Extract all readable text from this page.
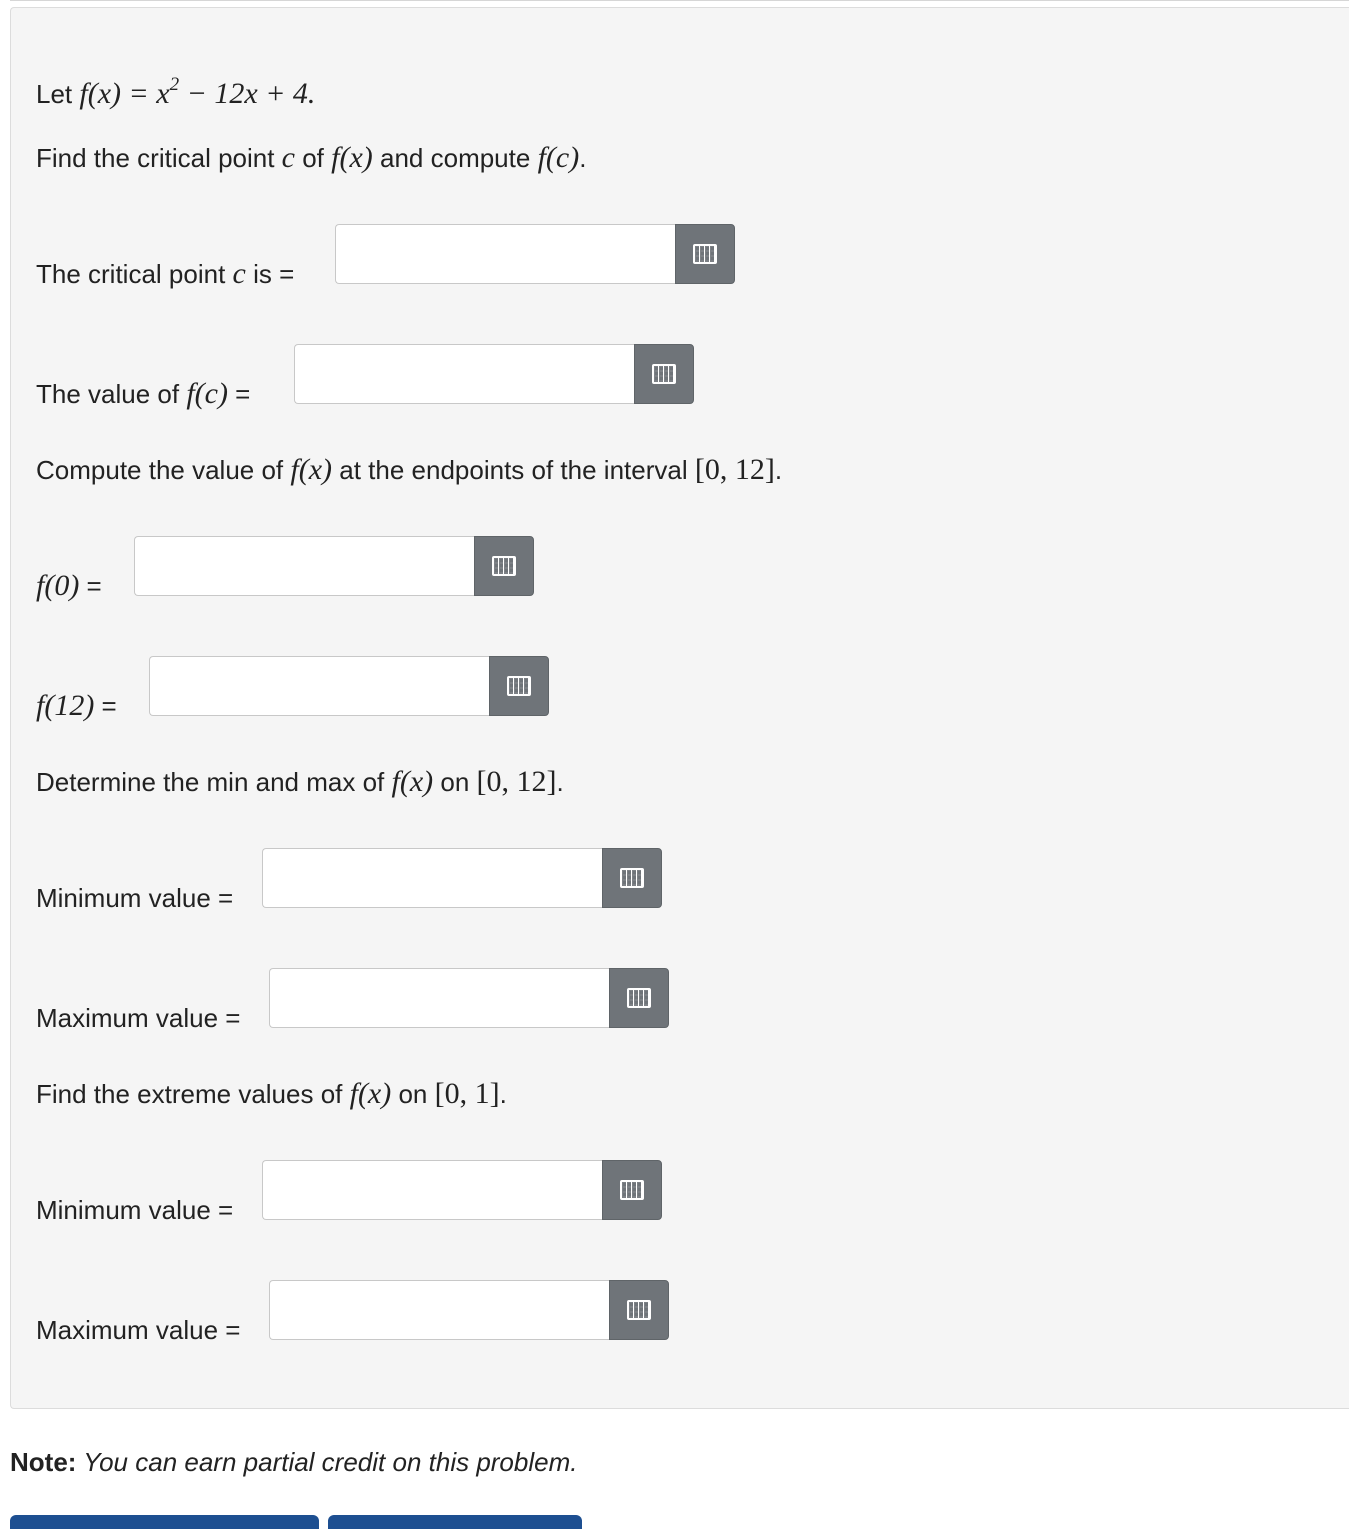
Let $f(x) = x^2 - 12x + 4$.
Find the critical point c of f(x) and compute f(c).
The critical point c is =
The value of f(c) =
Compute the value of f(x) at the endpoints of the interval [0, 12].
f(0) =
f(12) =
Determine the min and max of f(x) on [0, 12].
Minimum value =
Maximum value =
Find the extreme values of f(x) on [0, 1].
Minimum value =
Maximum value =
Note: You can earn partial credit on this problem.
